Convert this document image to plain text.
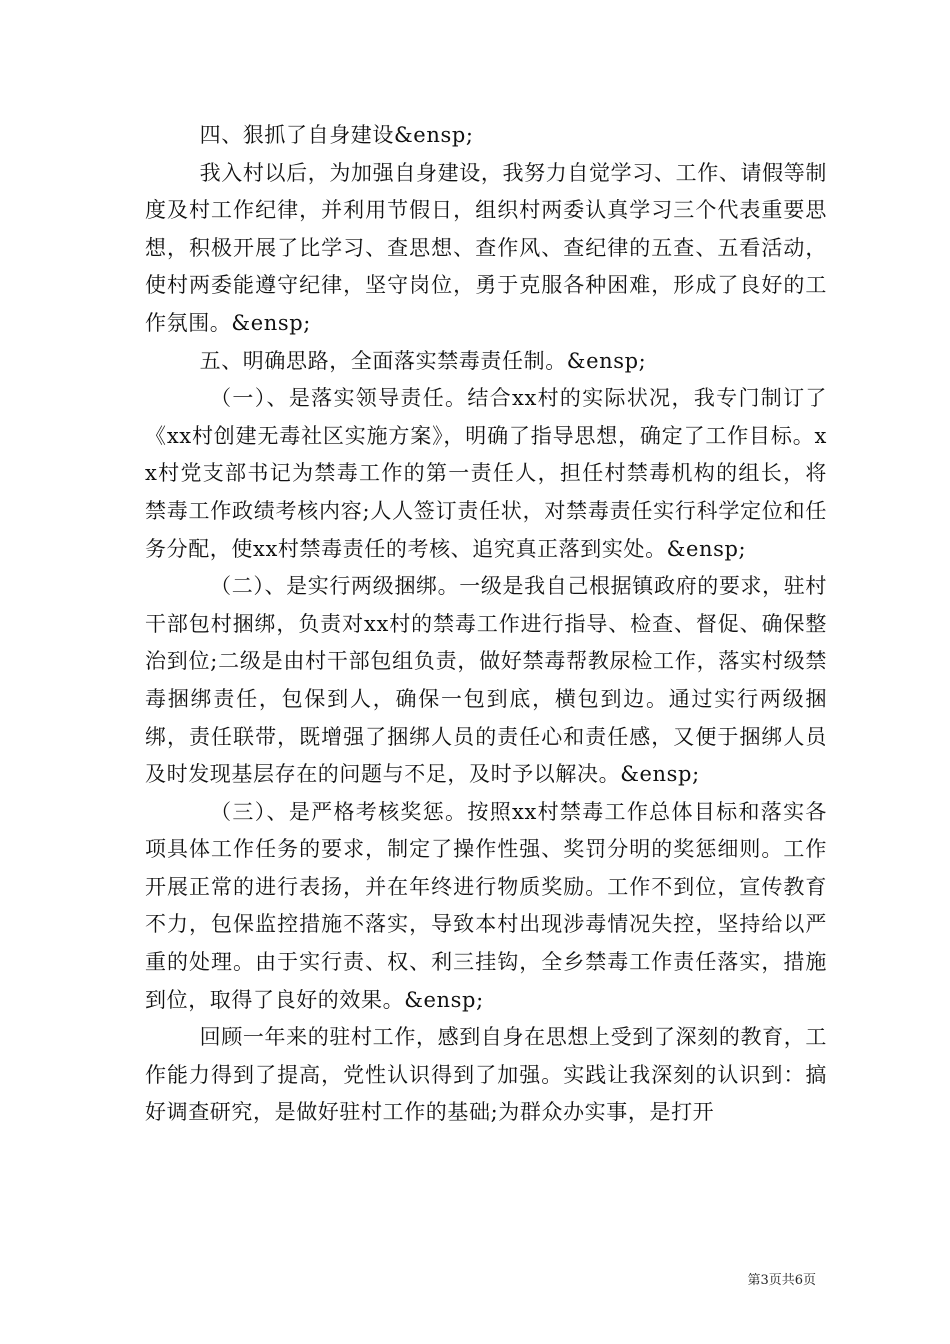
四、狠抓了自身建设&ensp;

我入村以后，为加强自身建设，我努力自觉学习、工作、请假等制度及村工作纪律，并利用节假日，组织村两委认真学习三个代表重要思想，积极开展了比学习、查思想、查作风、查纪律的五查、五看活动，使村两委能遵守纪律，坚守岗位，勇于克服各种困难，形成了良好的工作氛围。&ensp;

五、明确思路，全面落实禁毒责任制。&ensp;

（一）、是落实领导责任。结合xx村的实际状况，我专门制订了《xx村创建无毒社区实施方案》，明确了指导思想，确定了工作目标。xx村党支部书记为禁毒工作的第一责任人，担任村禁毒机构的组长，将禁毒工作政绩考核内容;人人签订责任状，对禁毒责任实行科学定位和任务分配，使xx村禁毒责任的考核、追究真正落到实处。&ensp;

（二）、是实行两级捆绑。一级是我自己根据镇政府的要求，驻村干部包村捆绑，负责对xx村的禁毒工作进行指导、检查、督促、确保整治到位;二级是由村干部包组负责，做好禁毒帮教尿检工作，落实村级禁毒捆绑责任，包保到人，确保一包到底，横包到边。通过实行两级捆绑，责任联带，既增强了捆绑人员的责任心和责任感，又便于捆绑人员及时发现基层存在的问题与不足，及时予以解决。&ensp;

（三）、是严格考核奖惩。按照xx村禁毒工作总体目标和落实各项具体工作任务的要求，制定了操作性强、奖罚分明的奖惩细则。工作开展正常的进行表扬，并在年终进行物质奖励。工作不到位，宣传教育不力，包保监控措施不落实，导致本村出现涉毒情况失控，坚持给以严重的处理。由于实行责、权、利三挂钩，全乡禁毒工作责任落实，措施到位，取得了良好的效果。&ensp;

回顾一年来的驻村工作，感到自身在思想上受到了深刻的教育，工作能力得到了提高，党性认识得到了加强。实践让我深刻的认识到：搞好调查研究，是做好驻村工作的基础;为群众办实事，是打开

第3页共6页
